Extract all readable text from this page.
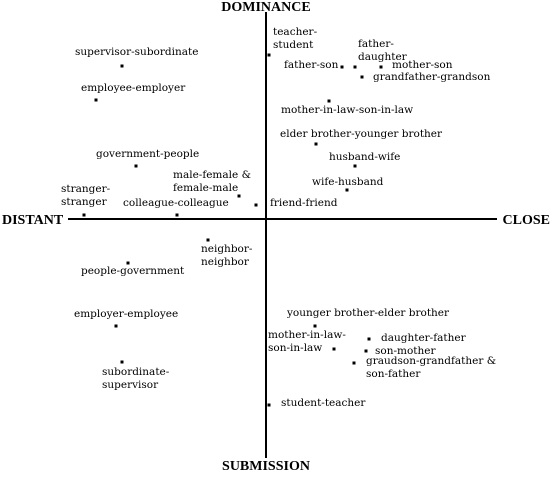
DOMINANCE
SUBMISSION
DISTANT	CLOSE
teacher-student	father-daughter
father-son	mother-son
grandfather-grandson
supervisor-subordinate
employee-employer
mother-in-law-son-in-law
elder brother-younger brother
husband-wife
wife-husband
government-people
male-female & female-male
stranger-stranger	colleague-colleague	friend-friend
neighbor-neighbor
people-government
employer-employee
subordinate-supervisor
younger brother-elder brother
mother-in-law-son-in-law
daughter-father
son-mother
graudson-grandfather & son-father
student-teacher
